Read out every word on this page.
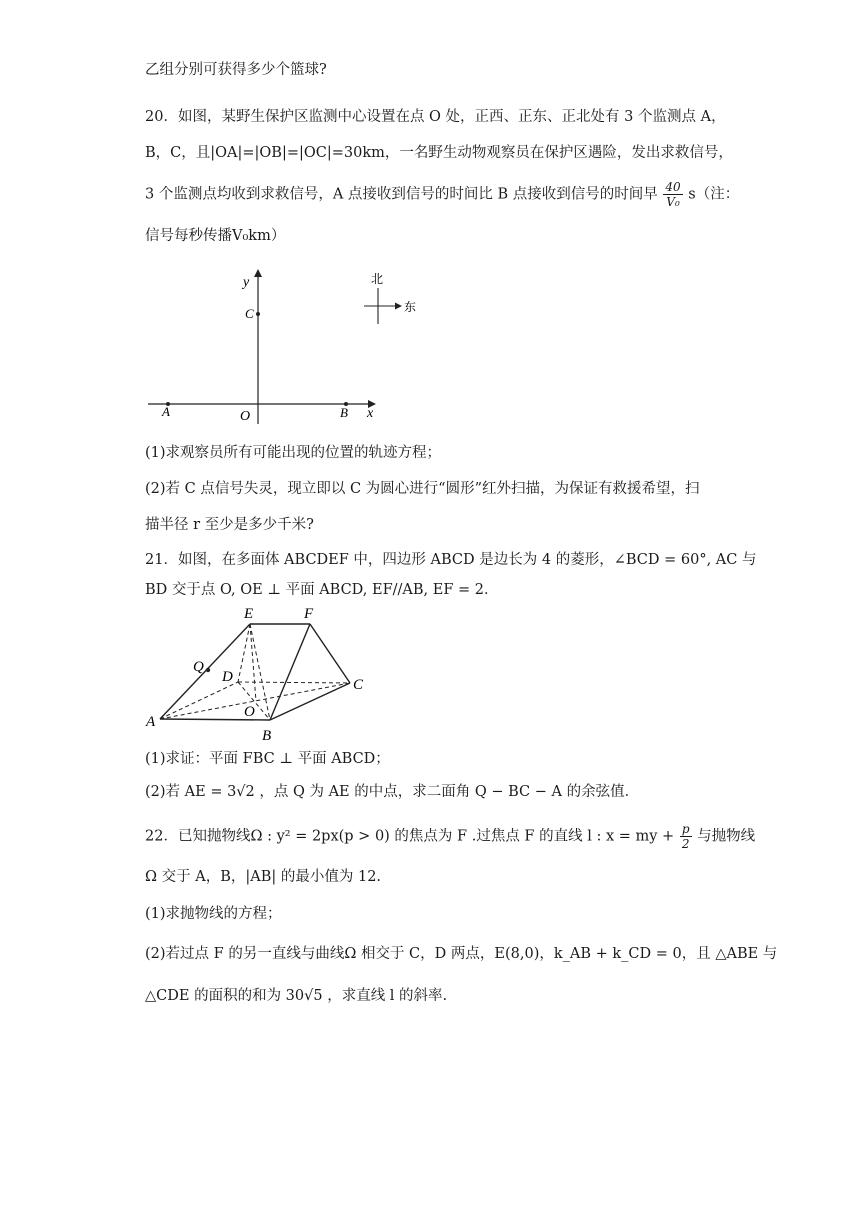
乙组分别可获得多少个篮球?
20．如图，某野生保护区监测中心设置在点 O 处，正西、正东、正北处有 3 个监测点 A，
B，C，且|OA|=|OB|=|OC|=30km，一名野生动物观察员在保护区遇险，发出求救信号，
3 个监测点均收到求救信号，A 点接收到信号的时间比 B 点接收到信号的时间早 $\frac{40}{\text{V₀}} s$（注：
信号每秒传播V₀km）
y
x
C
A	O	B
北
东
(1)求观察员所有可能出现的位置的轨迹方程；
(2)若 C 点信号失灵，现立即以 C 为圆心进行“圆形”红外扫描，为保证有救援希望，扫
描半径 r 至少是多少千米?
21．如图，在多面体 ABCDEF 中，四边形 ABCD 是边长为 4 的菱形，∠BCD = 60°, AC 与
BD 交于点 O, OE ⊥ 平面 ABCD, EF//AB, EF = 2．
E	F
Q
D	C
A
O
B
(1)求证：平面 FBC ⊥ 平面 ABCD；
(2)若 AE = 3√2 ，点 Q 为 AE 的中点，求二面角 Q − BC − A 的余弦值．
22．已知抛物线Ω : y² = 2px(p > 0) 的焦点为 F .过焦点 F 的直线 l : x = my + $\frac{p}{2}$ 与抛物线
Ω 交于 A，B，|AB| 的最小值为 12.
(1)求抛物线的方程；
(2)若过点 F 的另一直线与曲线Ω 相交于 C，D 两点，E(8,0)，k_AB + k_CD = 0，且 △ABE 与
△CDE 的面积的和为 30√5 ，求直线 l 的斜率.
